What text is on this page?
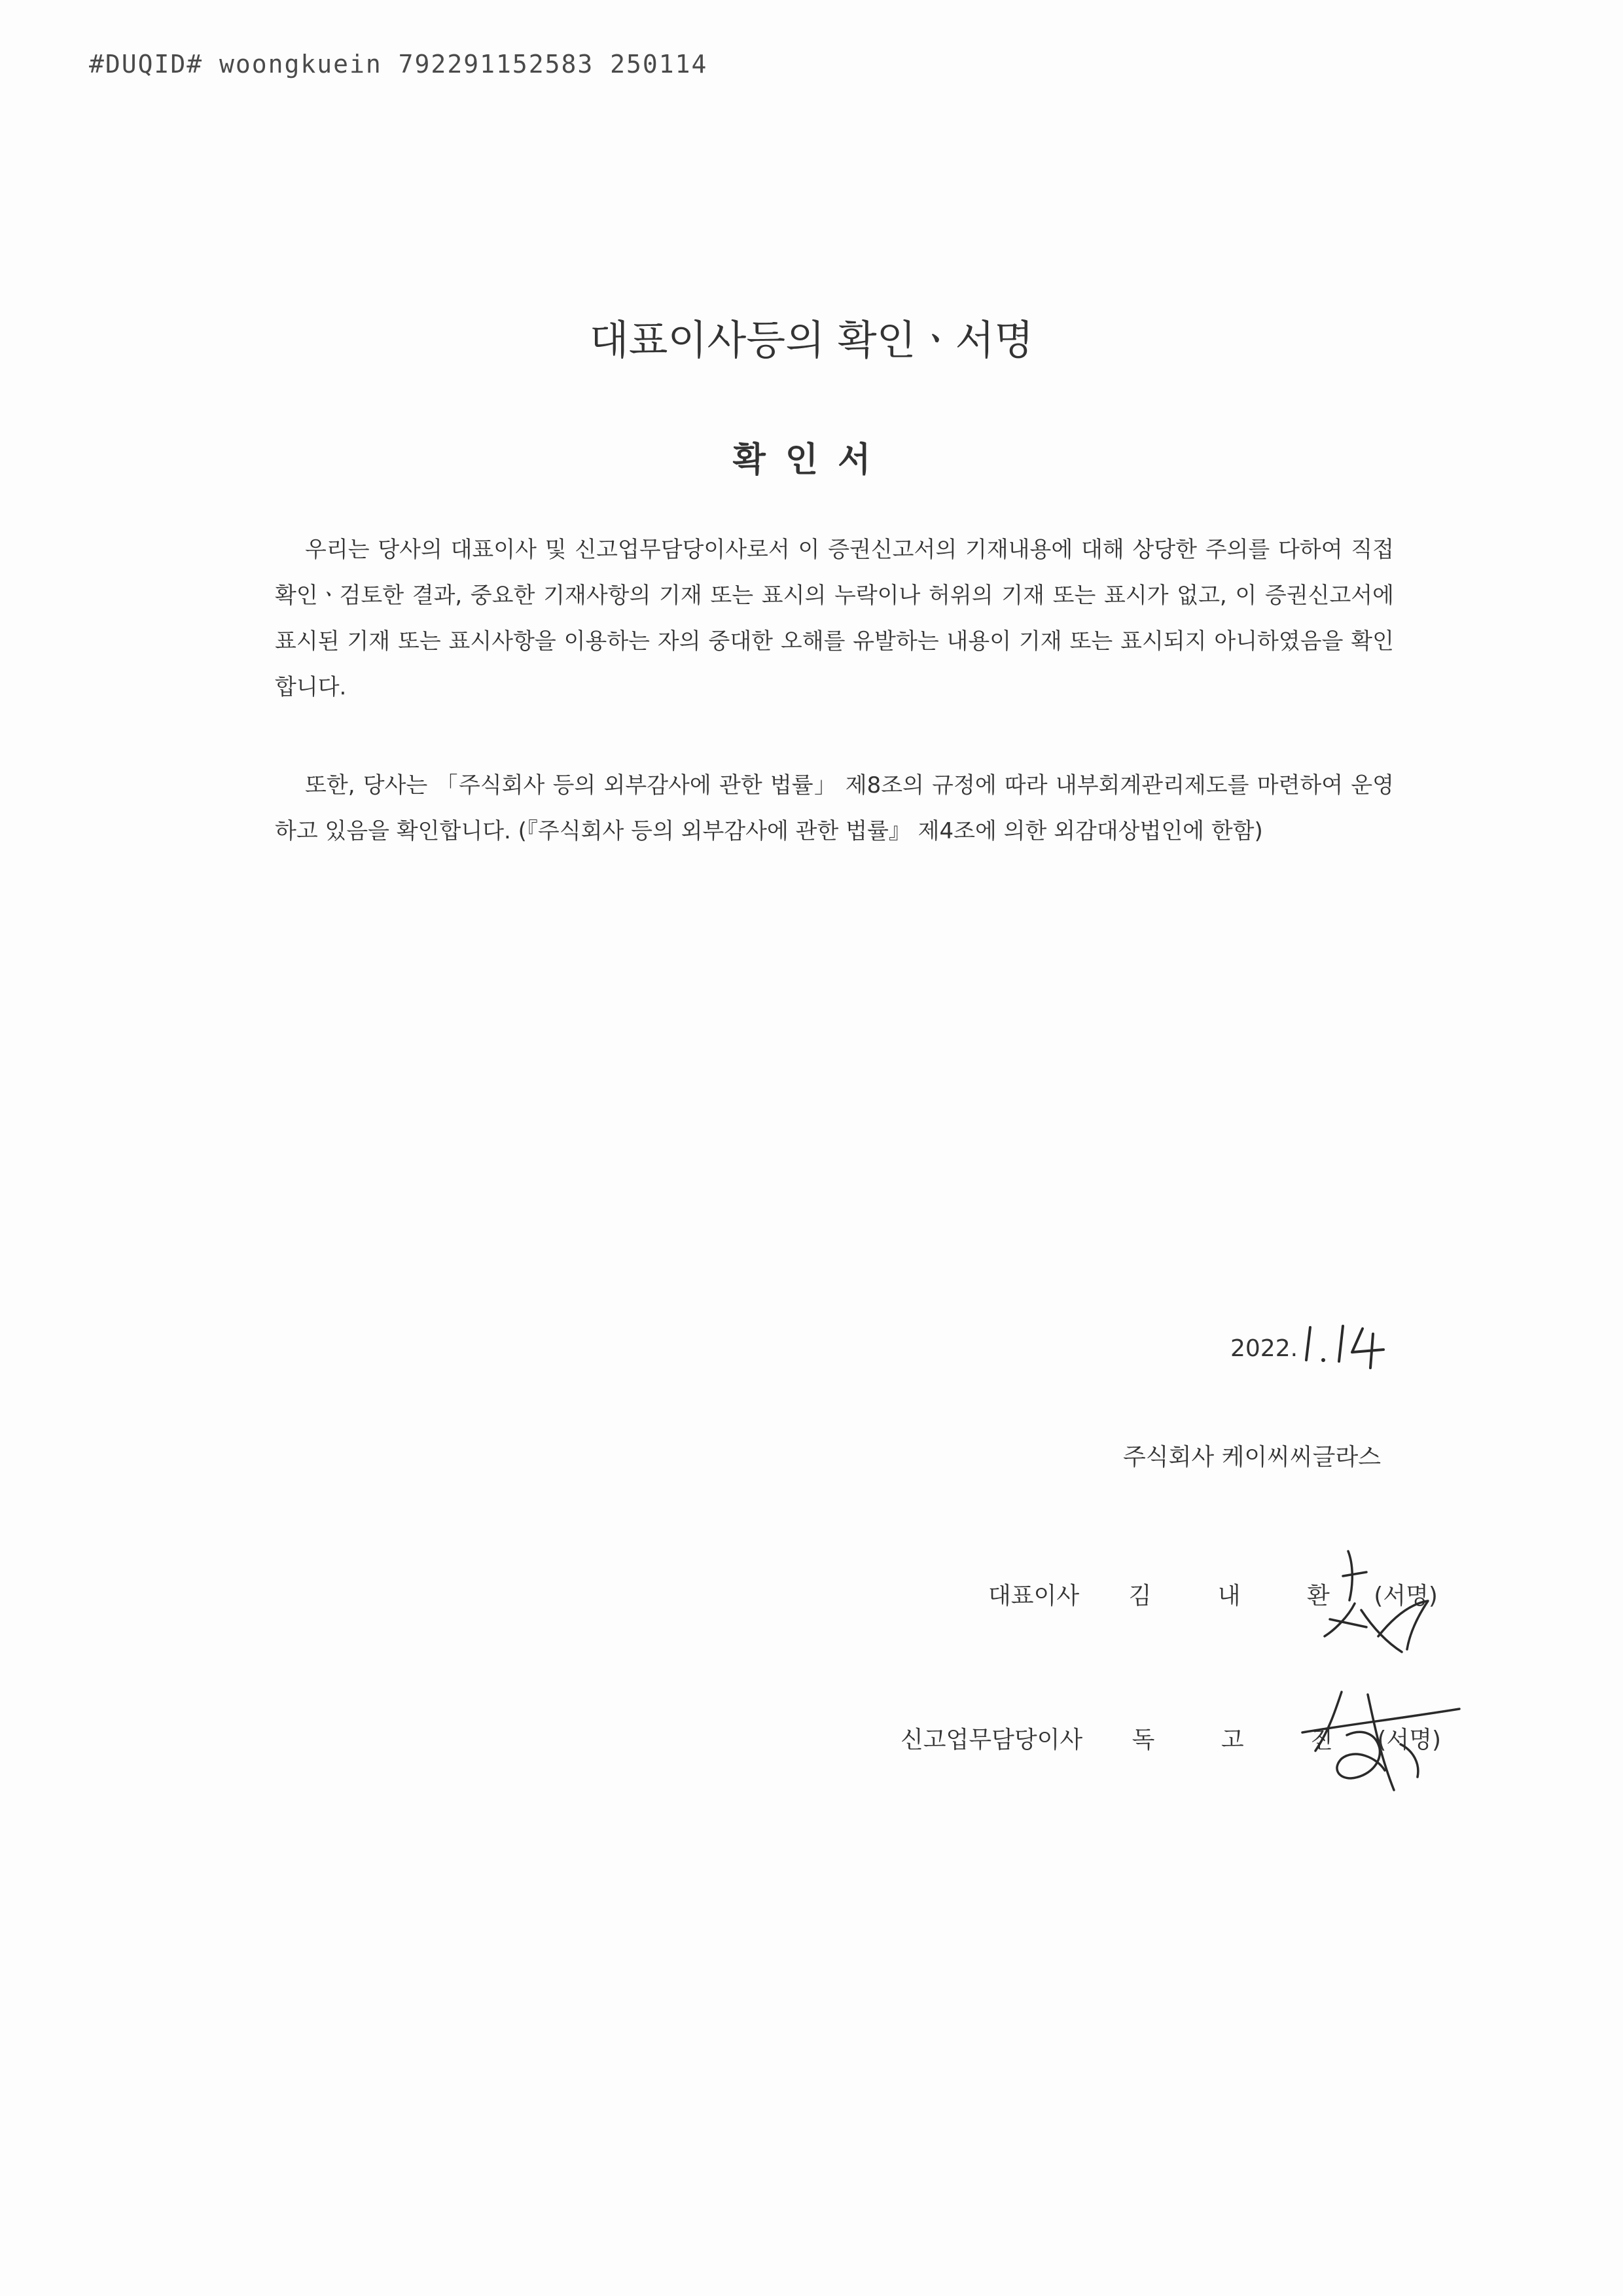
#DUQID# woongkuein 792291152583 250114
대표이사등의 확인ㆍ서명
확인서

우리는 당사의 대표이사 및 신고업무담당이사로서 이 증권신고서의 기재내용에 대해 상당한 주의를 다하여 직접 확인ㆍ검토한 결과, 중요한 기재사항의 기재 또는 표시의 누락이나 허위의 기재 또는 표시가 없고, 이 증권신고서에 표시된 기재 또는 표시사항을 이용하는 자의 중대한 오해를 유발하는 내용이 기재 또는 표시되지 아니하였음을 확인합니다.

또한, 당사는 「주식회사 등의 외부감사에 관한 법률」 제8조의 규정에 따라 내부회계관리제도를 마련하여 운영하고 있음을 확인합니다. (『주식회사 등의 외부감사에 관한 법률』 제4조에 의한 외감대상법인에 한함)

2022.
주식회사 케이씨씨글라스
대표이사 김	내	환 (서명)
신고업무담당이사 독	고	진 (서명)
